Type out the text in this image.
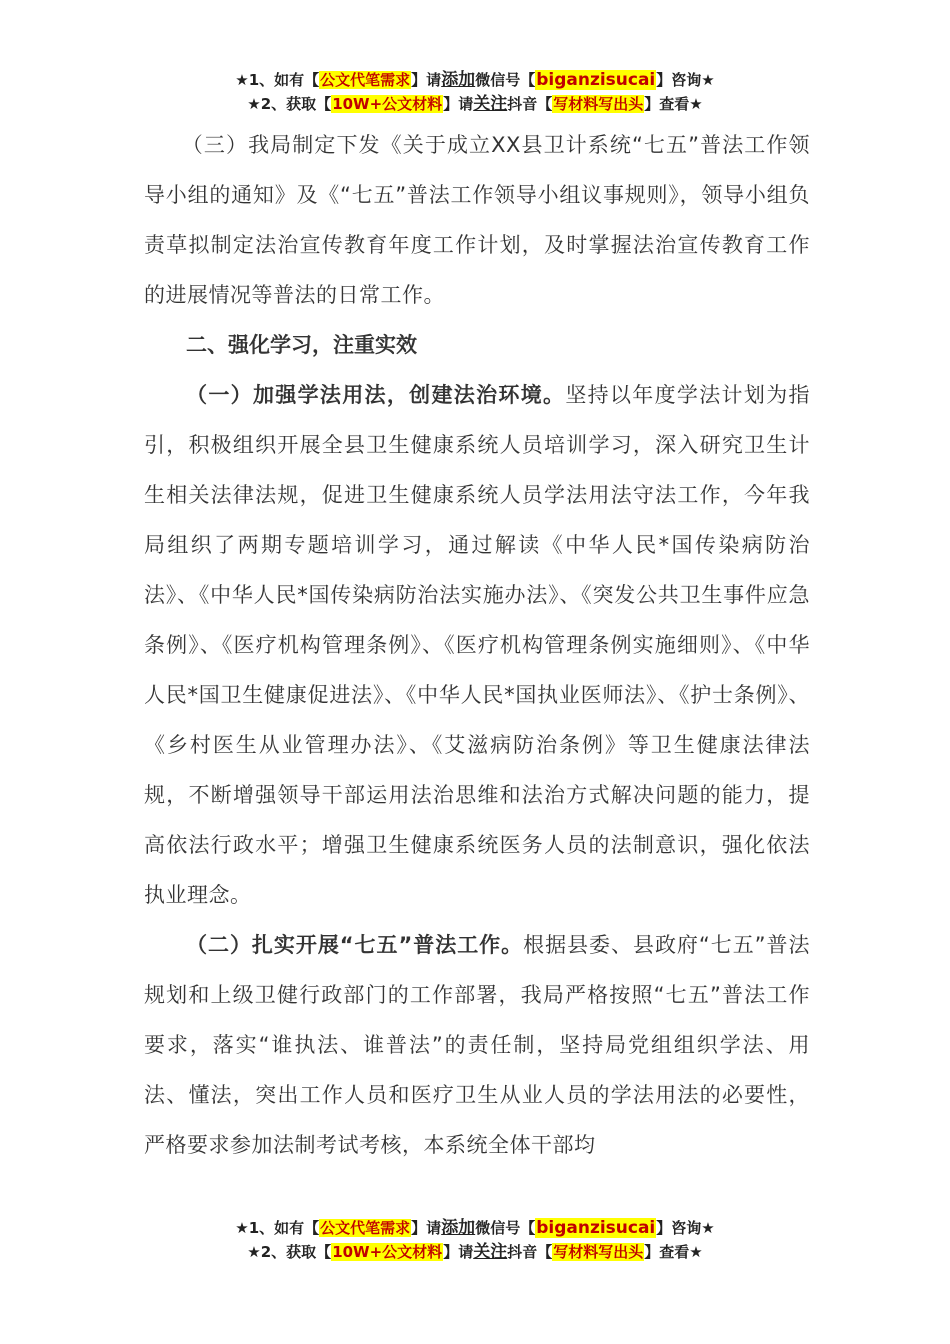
★1、如有【公文代笔需求】请添加微信号【biganzisucai】咨询★
★2、获取【10W+公文材料】请关注抖音【写材料写出头】查看★

（三）我局制定下发《关于成立XX县卫计系统“七五”普法工作领导小组的通知》及《“七五”普法工作领导小组议事规则》，领导小组负责草拟制定法治宣传教育年度工作计划，及时掌握法治宣传教育工作的进展情况等普法的日常工作。

二、强化学习，注重实效

（一）加强学法用法，创建法治环境。坚持以年度学法计划为指引，积极组织开展全县卫生健康系统人员培训学习，深入研究卫生计生相关法律法规，促进卫生健康系统人员学法用法守法工作，今年我局组织了两期专题培训学习，通过解读《中华人民*国传染病防治法》、《中华人民*国传染病防治法实施办法》、《突发公共卫生事件应急条例》、《医疗机构管理条例》、《医疗机构管理条例实施细则》、《中华人民*国卫生健康促进法》、《中华人民*国执业医师法》、《护士条例》、《乡村医生从业管理办法》、《艾滋病防治条例》等卫生健康法律法规，不断增强领导干部运用法治思维和法治方式解决问题的能力，提高依法行政水平；增强卫生健康系统医务人员的法制意识，强化依法执业理念。

（二）扎实开展“七五”普法工作。根据县委、县政府“七五”普法规划和上级卫健行政部门的工作部署，我局严格按照“七五”普法工作要求，落实“谁执法、谁普法”的责任制，坚持局党组组织学法、用法、懂法，突出工作人员和医疗卫生从业人员的学法用法的必要性，严格要求参加法制考试考核，本系统全体干部均

★1、如有【公文代笔需求】请添加微信号【biganzisucai】咨询★
★2、获取【10W+公文材料】请关注抖音【写材料写出头】查看★
